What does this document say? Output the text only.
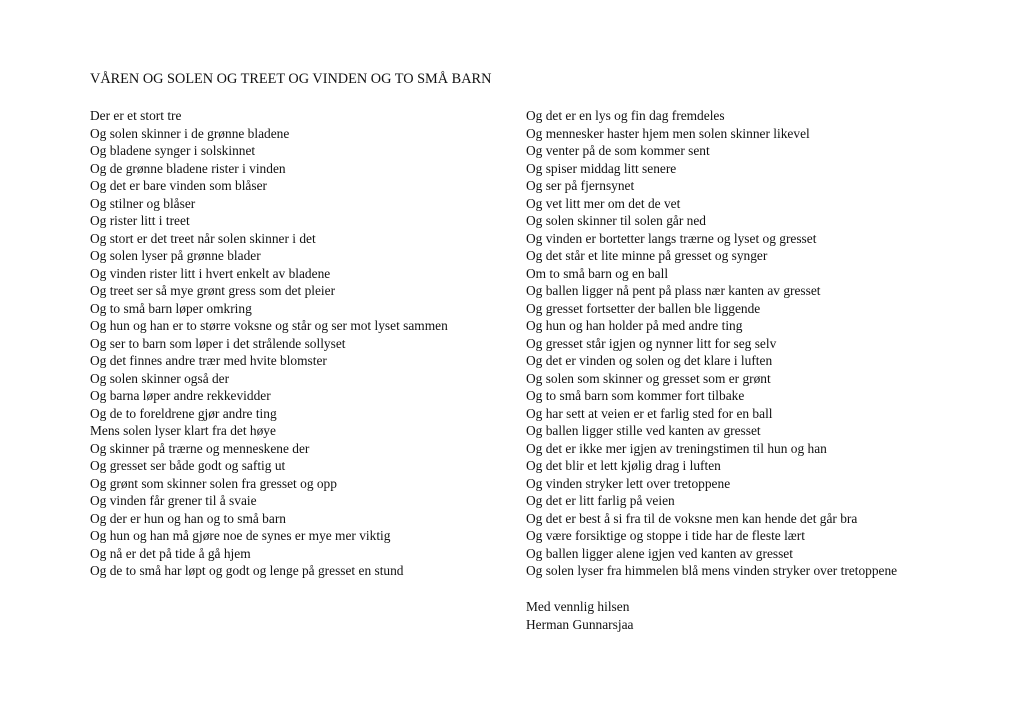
VÅREN OG SOLEN OG TREET OG VINDEN OG TO SMÅ BARN
Der er et stort tre
Og solen skinner i de grønne bladene
Og bladene synger i solskinnet
Og de grønne bladene rister i vinden
Og det er bare vinden som blåser
Og stilner og blåser
Og rister litt i treet
Og stort er det treet når solen skinner i det
Og solen lyser på grønne blader
Og vinden rister litt i hvert enkelt av bladene
Og treet ser så mye grønt gress som det pleier
Og to små barn løper omkring
Og hun og han er to større voksne og står og ser mot lyset sammen
Og ser to barn som løper i det strålende sollyset
Og det finnes andre trær med hvite blomster
Og solen skinner også der
Og barna løper andre rekkevidder
Og de to foreldrene gjør andre ting
Mens solen lyser klart fra det høye
Og skinner på trærne og menneskene der
Og gresset ser både godt og saftig ut
Og grønt som skinner solen fra gresset og opp
Og vinden får grener til å svaie
Og der er hun og han og to små barn
Og hun og han må gjøre noe de synes er mye mer viktig
Og nå er det på tide å gå hjem
Og de to små har løpt og godt og lenge på gresset en stund
Og det er en lys og fin dag fremdeles
Og mennesker haster hjem men solen skinner likevel
Og venter på de som kommer sent
Og spiser middag litt senere
Og ser på fjernsynet
Og vet litt mer om det de vet
Og solen skinner til solen går ned
Og vinden er bortetter langs trærne og lyset og gresset
Og det står et lite minne på gresset og synger
Om to små barn og en ball
Og ballen ligger nå pent på plass nær kanten av gresset
Og gresset fortsetter der ballen ble liggende
Og hun og han holder på med andre ting
Og gresset står igjen og nynner litt for seg selv
Og det er vinden og solen og det klare i luften
Og solen som skinner og gresset som er grønt
Og to små barn som kommer fort tilbake
Og har sett at veien er et farlig sted for en ball
Og ballen ligger stille ved kanten av gresset
Og det er ikke mer igjen av treningstimen til hun og han
Og det blir et lett kjølig drag i luften
Og vinden stryker lett over tretoppene
Og det er litt farlig på veien
Og det er best å si fra til de voksne men kan hende det går bra
Og være forsiktige og stoppe i tide har de fleste lært
Og ballen ligger alene igjen ved kanten av gresset
Og solen lyser fra himmelen blå mens vinden stryker over tretoppene
Med vennlig hilsen
Herman Gunnarsjaa
